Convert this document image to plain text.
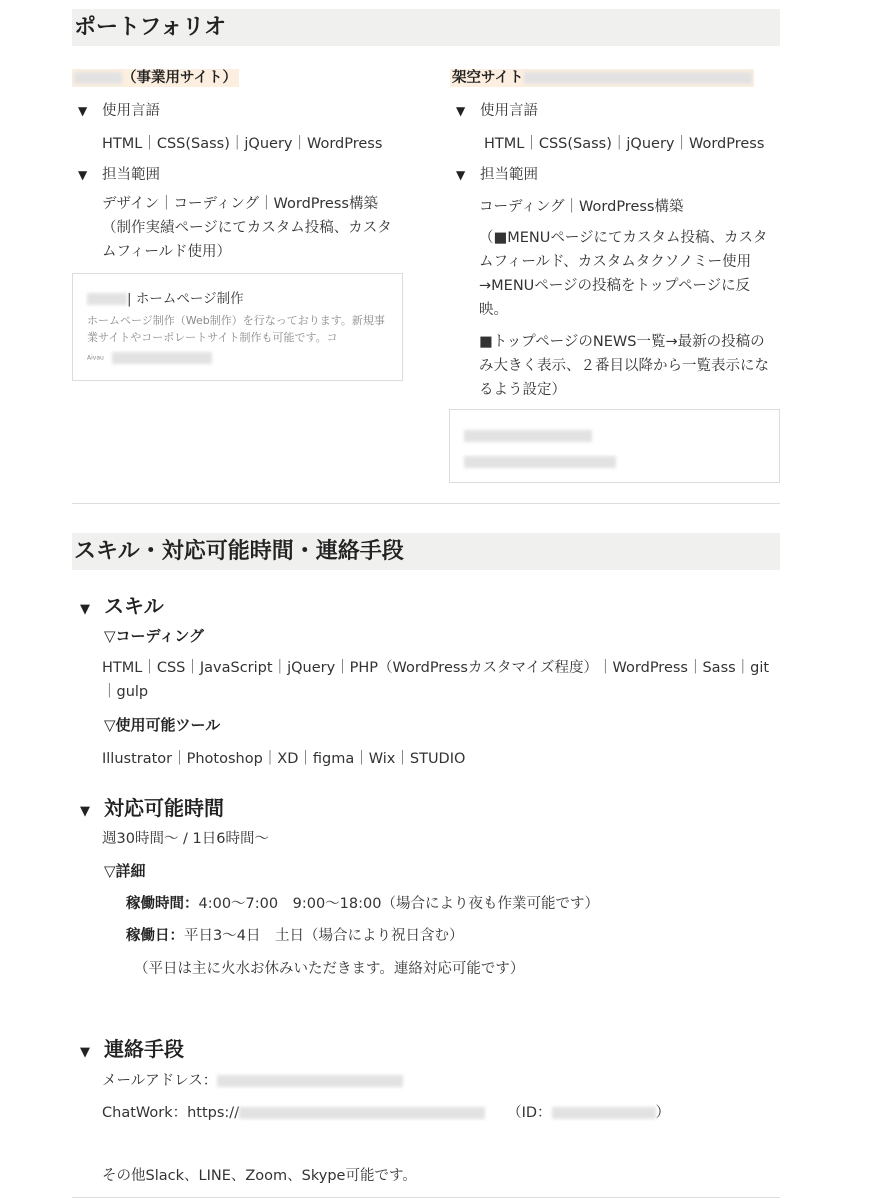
ポートフォリオ
（事業用サイト）
▼ 使用言語
HTML｜CSS(Sass)｜jQuery｜WordPress
▼ 担当範囲
デザイン｜コーディング｜WordPress構築（制作実績ページにてカスタム投稿、カスタムフィールド使用）
| ホームページ制作
ホームページ制作（Web制作）を行なっております。新規事業サイトやコーポレートサイト制作も可能です。コ
Aivau
架空サイト
▼ 使用言語
HTML｜CSS(Sass)｜jQuery｜WordPress
▼ 担当範囲
コーディング｜WordPress構築
（■MENUページにてカスタム投稿、カスタムフィールド、カスタムタクソノミー使用→MENUページの投稿をトップページに反映。
■トップページのNEWS一覧→最新の投稿のみ大きく表示、２番目以降から一覧表示になるよう設定）
スキル・対応可能時間・連絡手段
▼ スキル
▽コーディング
HTML｜CSS｜JavaScript｜jQuery｜PHP（WordPressカスタマイズ程度）｜WordPress｜Sass｜git｜gulp
▽使用可能ツール
Illustrator｜Photoshop｜XD｜figma｜Wix｜STUDIO
▼ 対応可能時間
週30時間～ / 1日6時間～
▽詳細
稼働時間：4:00～7:00　9:00～18:00（場合により夜も作業可能です）
稼働日：平日3～4日　土日（場合により祝日含む）
（平日は主に火水お休みいただきます。連絡対応可能です）
▼ 連絡手段
メールアドレス：
ChatWork：https://	（ID：	）
その他Slack、LINE、Zoom、Skype可能です。
